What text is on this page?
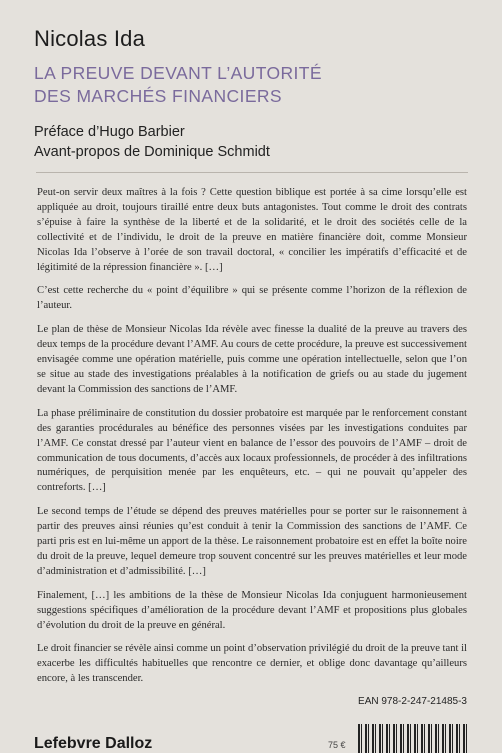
Nicolas Ida

LA PREUVE DEVANT L’AUTORITÉ
DES MARCHÉS FINANCIERS

Préface d’Hugo Barbier

Avant-propos de Dominique Schmidt

Peut-on servir deux maîtres à la fois ? Cette question biblique est portée à sa cime lorsqu’elle est appliquée au droit, toujours tiraillé entre deux buts antagonistes. Tout comme le droit des contrats s’épuise à faire la synthèse de la liberté et de la solidarité, et le droit des sociétés celle de la collectivité et de l’individu, le droit de la preuve en matière financière doit, comme Monsieur Nicolas Ida l’observe à l’orée de son travail doctoral, « concilier les impératifs d’efficacité et de légitimité de la répression financière ». […]

C’est cette recherche du « point d’équilibre » qui se présente comme l’horizon de la réflexion de l’auteur.

Le plan de thèse de Monsieur Nicolas Ida révèle avec finesse la dualité de la preuve au travers des deux temps de la procédure devant l’AMF. Au cours de cette procédure, la preuve est successivement envisagée comme une opération matérielle, puis comme une opération intellectuelle, selon que l’on se situe au stade des investigations préalables à la notification de griefs ou au stade du jugement devant la Commission des sanctions de l’AMF.

La phase préliminaire de constitution du dossier probatoire est marquée par le renforcement constant des garanties procédurales au bénéfice des personnes visées par les investigations conduites par l’AMF. Ce constat dressé par l’auteur vient en balance de l’essor des pouvoirs de l’AMF – droit de communication de tous documents, d’accès aux locaux professionnels, de procéder à des infiltrations numériques, de perquisition menée par les enquêteurs, etc. – qui ne pouvait qu’appeler des contreforts. […]

Le second temps de l’étude se dépend des preuves matérielles pour se porter sur le raisonnement à partir des preuves ainsi réunies qu’est conduit à tenir la Commission des sanctions de l’AMF. Ce parti pris est en lui-même un apport de la thèse. Le raisonnement probatoire est en effet la boîte noire du droit de la preuve, lequel demeure trop souvent concentré sur les preuves matérielles et leur mode d’administration et d’admissibilité. […]

Finalement, […] les ambitions de la thèse de Monsieur Nicolas Ida conjuguent harmonieusement suggestions spécifiques d’amélioration de la procédure devant l’AMF et propositions plus globales d’évolution du droit de la preuve en général.

Le droit financier se révèle ainsi comme un point d’observation privilégié du droit de la preuve tant il exacerbe les difficultés habituelles que rencontre ce dernier, et oblige donc davantage qu’ailleurs encore, à les transcender.

EAN 978-2-247-21485-3
Lefebvre Dalloz	75 €
